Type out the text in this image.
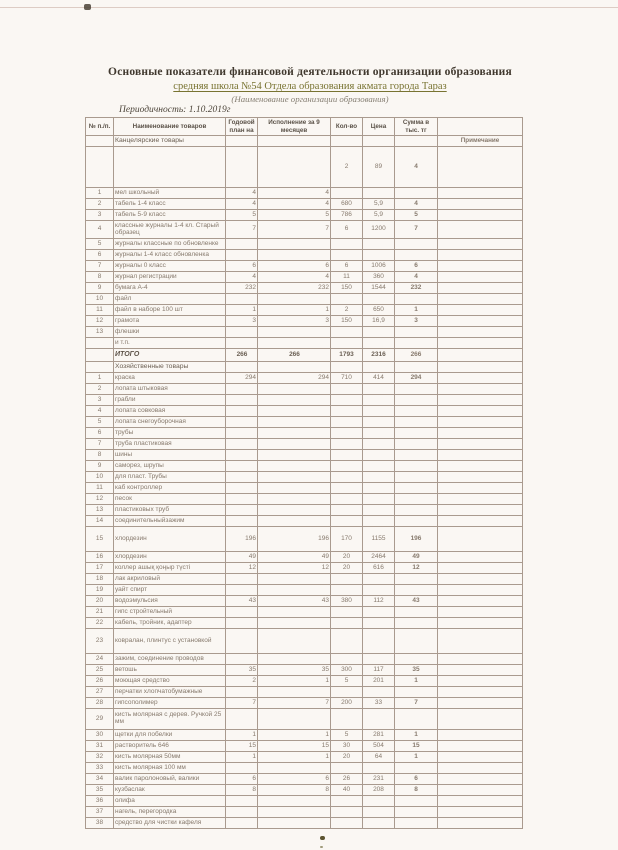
Основные показатели финансовой деятельности организации образования
средняя школа №54 Отдела образования акмата города Тараз
(Наименование организации образования)
Периодичность: 1.10.2019г
№ п./п.	Наименование товаров	Годовой план на	Исполнение за 9 месяцев	Кол-во	Цена	Сумма в тыс. тг	
	Канцелярские товары						Примечание
				2	89	4	
1	мел школьный	4	4				
2	табель 1-4 класс	4	4	680	5,9	4	
3	табель 5-9 класс	5	5	786	5,9	5	
4	классные журналы 1-4 кл. Старый образец	7	7	6	1200	7	
5	журналы классные по обновленке						
6	журналы 1-4 класс обновленка						
7	журналы 0 класс	6	6	6	1006	6	
8	журнал регистрации	4	4	11	360	4	
9	бумага А-4	232	232	150	1544	232	
10	файл						
11	файл в наборе 100 шт	1	1	2	650	1	
12	грамота	3	3	150	16,9	3	
13	флешки						
	и т.п.						
	ИТОГО	266	266	1793	2316	266	
	Хозяйственные товары						
1	краска	294	294	710	414	294	
2	лопата штыковая						
3	грабли						
4	лопата совковая						
5	лопата снегоуборочная						
6	трубы						
7	труба пластиковая						
8	шины						
9	саморез, шрупы						
10	для пласт. Трубы						
11	каб контроллер						
12	песок						
13	пластиковых труб						
14	соединительныйзажим						
15	хлордезин	196	196	170	1155	196	
16	хлордезин	49	49	20	2464	49	
17	коллер ашық қоңыр түсті	12	12	20	616	12	
18	лак акриловый						
19	уайт спирт						
20	водоэмульсия	43	43	380	112	43	
21	гипс стройтельный						
22	кабель, тройник, адаптер						
23	ковралан, плинтус с установкой						
24	зажим, соединение проводов						
25	ветошь	35	35	300	117	35	
26	моющая средство	2	1	5	201	1	
27	перчатки хлопчатобумажные						
28	гипсополимер	7	7	200	33	7	
29	кисть молярная с дерев. Ручкой 25 мм						
30	щетки для побелки	1	1	5	281	1	
31	растворитель 646	15	15	30	504	15	
32	кисть молярная 50мм	1	1	20	64	1	
33	кисть молярная 100 мм						
34	валик паролоновый, валики	6	6	26	231	6	
35	кузбаслак	8	8	40	208	8	
36	олифа						
37	нагель, перегородка						
38	средство для чистки кафеля						
